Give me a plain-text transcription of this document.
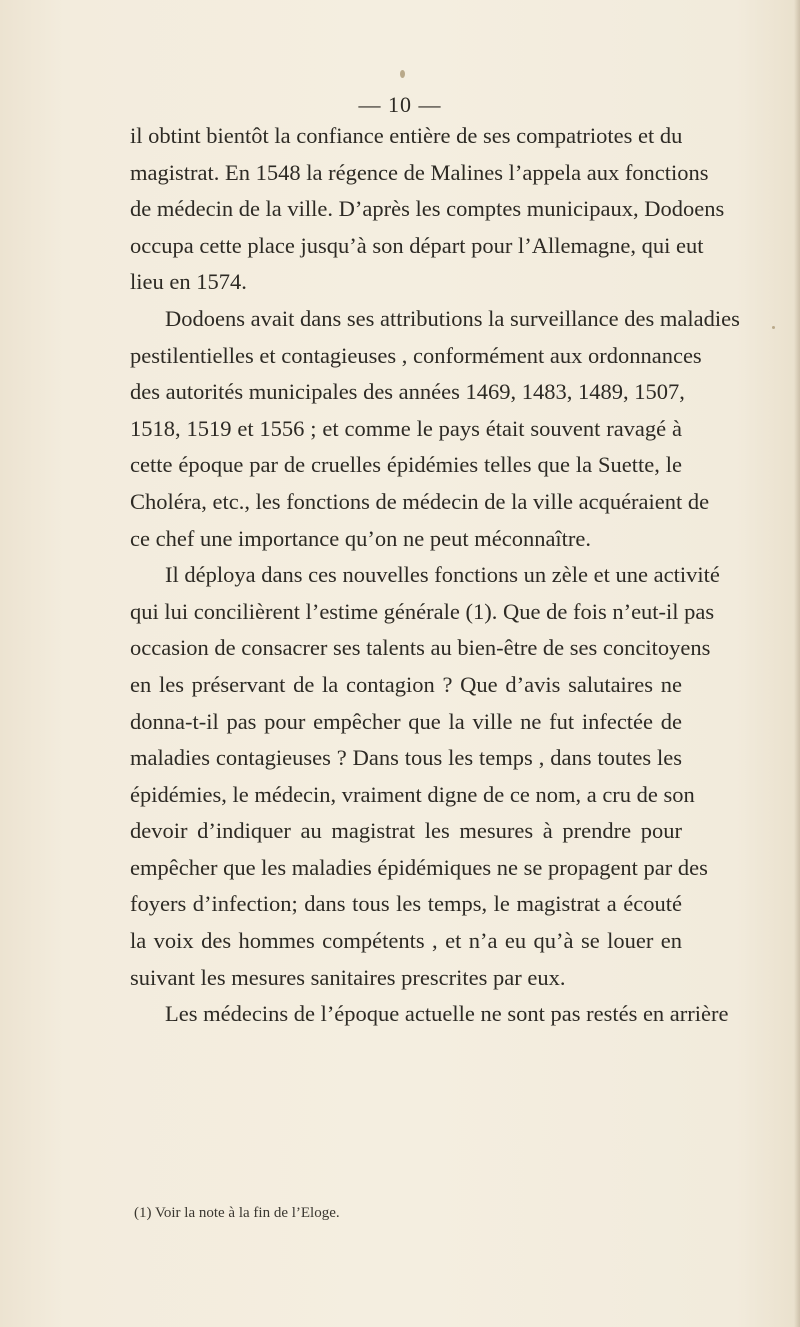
— 10 —

il obtint bientôt la confiance entière de ses compatriotes et du
magistrat. En 1548 la régence de Malines l’appela aux fonctions
de médecin de la ville. D’après les comptes municipaux, Dodoens
occupa cette place jusqu’à son départ pour l’Allemagne, qui eut
lieu en 1574.

Dodoens avait dans ses attributions la surveillance des maladies
pestilentielles et contagieuses , conformément aux ordonnances
des autorités municipales des années 1469, 1483, 1489, 1507,
1518, 1519 et 1556 ; et comme le pays était souvent ravagé à
cette époque par de cruelles épidémies telles que la Suette, le
Choléra, etc., les fonctions de médecin de la ville acquéraient de
ce chef une importance qu’on ne peut méconnaître.

Il déploya dans ces nouvelles fonctions un zèle et une activité
qui lui concilièrent l’estime générale (1). Que de fois n’eut-il pas
occasion de consacrer ses talents au bien-être de ses concitoyens
en les préservant de la contagion ? Que d’avis salutaires ne
donna-t-il pas pour empêcher que la ville ne fut infectée de
maladies contagieuses ? Dans tous les temps , dans toutes les
épidémies, le médecin, vraiment digne de ce nom, a cru de son
devoir d’indiquer au magistrat les mesures à prendre pour
empêcher que les maladies épidémiques ne se propagent par des
foyers d’infection; dans tous les temps, le magistrat a écouté
la voix des hommes compétents , et n’a eu qu’à se louer en
suivant les mesures sanitaires prescrites par eux.

Les médecins de l’époque actuelle ne sont pas restés en arrière

(1) Voir la note à la fin de l’Eloge.
